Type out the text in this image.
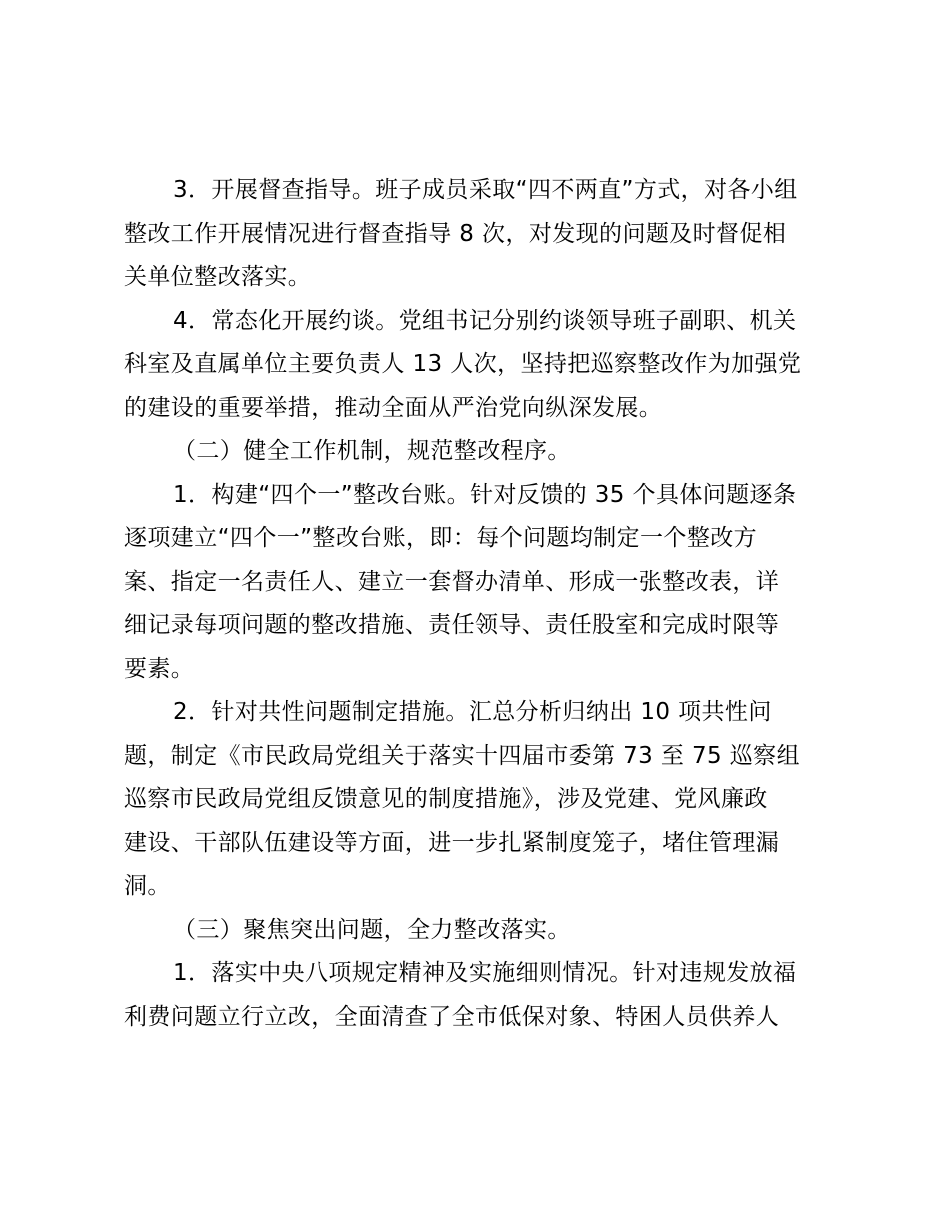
3．开展督查指导。班子成员采取“四不两直”方式，对各小组

整改工作开展情况进行督查指导 8 次，对发现的问题及时督促相

关单位整改落实。

4．常态化开展约谈。党组书记分别约谈领导班子副职、机关

科室及直属单位主要负责人 13 人次，坚持把巡察整改作为加强党

的建设的重要举措，推动全面从严治党向纵深发展。

（二）健全工作机制，规范整改程序。

1．构建“四个一”整改台账。针对反馈的 35 个具体问题逐条

逐项建立“四个一”整改台账，即：每个问题均制定一个整改方

案、指定一名责任人、建立一套督办清单、形成一张整改表，详

细记录每项问题的整改措施、责任领导、责任股室和完成时限等

要素。

2．针对共性问题制定措施。汇总分析归纳出 10 项共性问

题，制定《市民政局党组关于落实十四届市委第 73 至 75 巡察组

巡察市民政局党组反馈意见的制度措施》，涉及党建、党风廉政

建设、干部队伍建设等方面，进一步扎紧制度笼子，堵住管理漏

洞。

（三）聚焦突出问题，全力整改落实。

1．落实中央八项规定精神及实施细则情况。针对违规发放福

利费问题立行立改，全面清查了全市低保对象、特困人员供养人
